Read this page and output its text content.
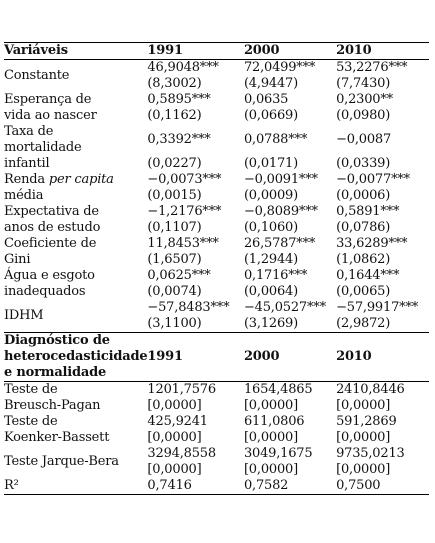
Variáveis	1991	2000	2010
Constante	46,9048***	72,0499***	53,2276***
	(8,3002)	(4,9447)	(7,7430)
Esperança de	0,5895***	0,0635	0,2300**
vida ao nascer	(0,1162)	(0,0669)	(0,0980)
Taxa de	0,3392***	0,0788***	−0,0087
mortalidade			
infantil	(0,0227)	(0,0171)	(0,0339)
Renda per capita	−0,0073***	−0,0091***	−0,0077***
média	(0,0015)	(0,0009)	(0,0006)
Expectativa de	−1,2176***	−0,8089***	0,5891***
anos de estudo	(0,1107)	(0,1060)	(0,0786)
Coeficiente de	11,8453***	26,5787***	33,6289***
Gini	(1,6507)	(1,2944)	(1,0862)
Água e esgoto	0,0625***	0,1716***	0,1644***
inadequados	(0,0074)	(0,0064)	(0,0065)
IDHM	−57,8483***	−45,0527***	−57,9917***
	(3,1100)	(3,1269)	(2,9872)

Diagnóstico de
heterocedasticidade
e normalidade	1991	2000	2010
Teste de	1201,7576	1654,4865	2410,8446
Breusch-Pagan	[0,0000]	[0,0000]	[0,0000]
Teste de	425,9241	611,0806	591,2869
Koenker-Bassett	[0,0000]	[0,0000]	[0,0000]
Teste Jarque-Bera	3294,8558	3049,1675	9735,0213
	[0,0000]	[0,0000]	[0,0000]
R²	0,7416	0,7582	0,7500
